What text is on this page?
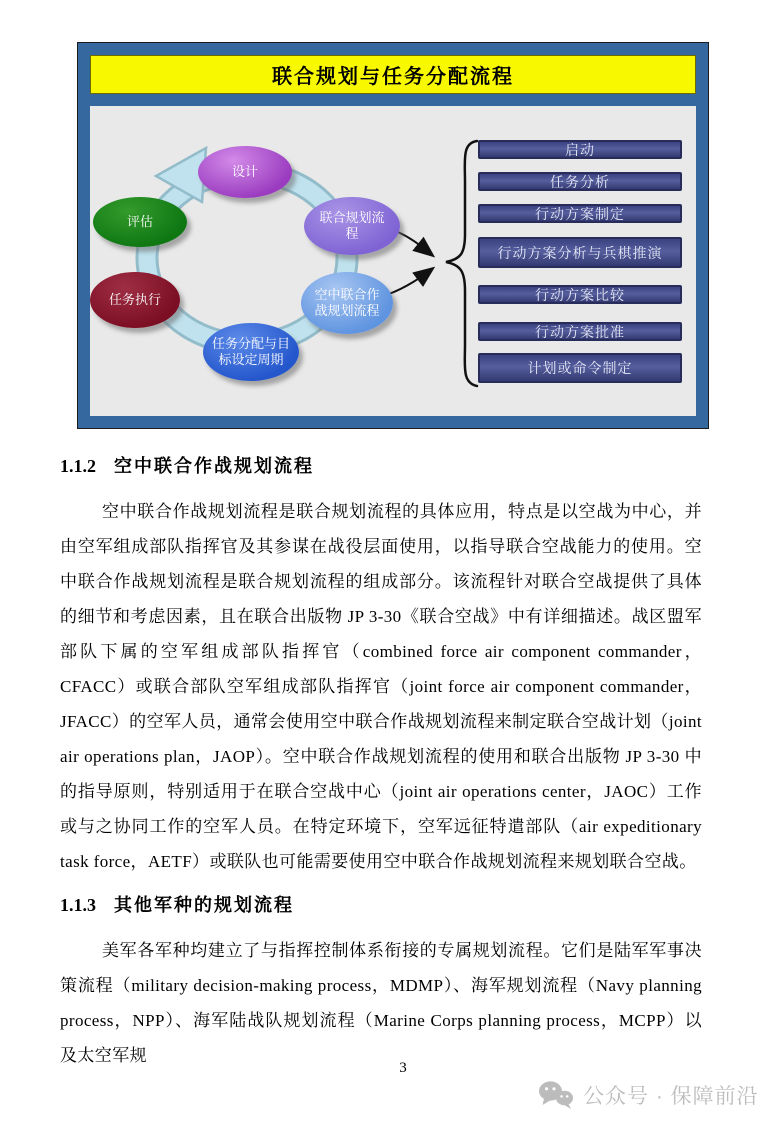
联合规划与任务分配流程
设计
评估
任务执行
联合规划流程
空中联合作战规划流程
任务分配与目标设定周期
启动
任务分析
行动方案制定
行动方案分析与兵棋推演
行动方案比较
行动方案批准
计划或命令制定
1.1.2 空中联合作战规划流程

空中联合作战规划流程是联合规划流程的具体应用，特点是以空战为中心，并由空军组成部队指挥官及其参谋在战役层面使用，以指导联合空战能力的使用。空中联合作战规划流程是联合规划流程的组成部分。该流程针对联合空战提供了具体的细节和考虑因素，且在联合出版物 JP 3-30《联合空战》中有详细描述。战区盟军部队下属的空军组成部队指挥官（combined force air component commander，CFACC）或联合部队空军组成部队指挥官（joint force air component commander，JFACC）的空军人员，通常会使用空中联合作战规划流程来制定联合空战计划（joint air operations plan，JAOP）。空中联合作战规划流程的使用和联合出版物 JP 3-30 中的指导原则，特别适用于在联合空战中心（joint air operations center，JAOC）工作或与之协同工作的空军人员。在特定环境下，空军远征特遣部队（air expeditionary task force，AETF）或联队也可能需要使用空中联合作战规划流程来规划联合空战。

1.1.3 其他军种的规划流程

美军各军种均建立了与指挥控制体系衔接的专属规划流程。它们是陆军军事决策流程（military decision-making process，MDMP）、海军规划流程（Navy planning process，NPP）、海军陆战队规划流程（Marine Corps planning process，MCPP）以及太空军规

3
公众号 · 保障前沿
